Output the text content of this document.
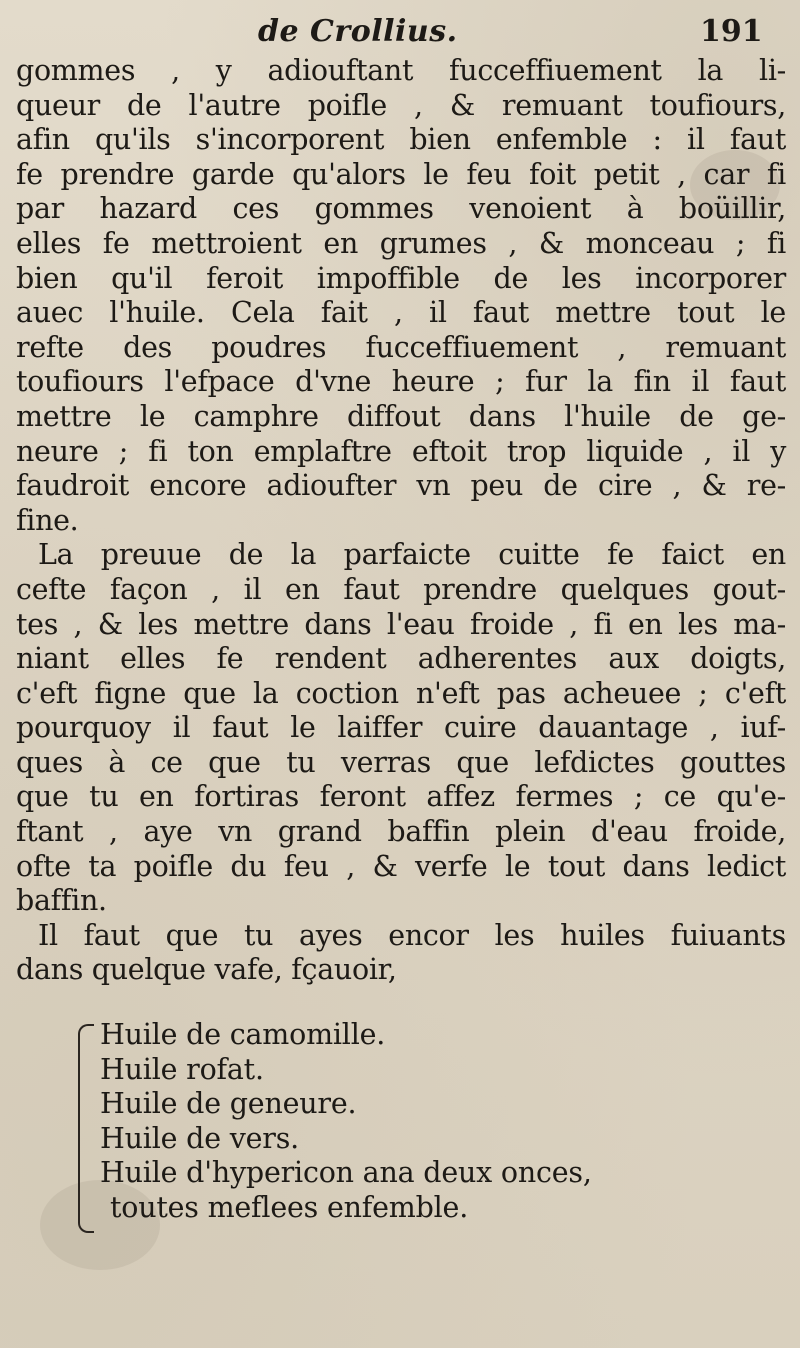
de Crollius.	191
gommes , y adiouftant fucceffiuement la li-
queur de l'autre poifle , & remuant toufiours,
afin qu'ils s'incorporent bien enfemble : il faut
fe prendre garde qu'alors le feu foit petit , car fi
par hazard ces gommes venoient à boüillir,
elles fe mettroient en grumes , & monceau ; fi
bien qu'il feroit impoffible de les incorporer
auec l'huile. Cela fait , il faut mettre tout le
refte des poudres fucceffiuement , remuant
toufiours l'efpace d'vne heure ; fur la fin il faut
mettre le camphre diffout dans l'huile de ge-
neure ; fi ton emplaftre eftoit trop liquide , il y
faudroit encore adioufter vn peu de cire , & re-
fine.
La preuue de la parfaicte cuitte fe faict en
cefte façon , il en faut prendre quelques gout-
tes , & les mettre dans l'eau froide , fi en les ma-
niant elles fe rendent adherentes aux doigts,
c'eft figne que la coction n'eft pas acheuee ; c'eft
pourquoy il faut le laiffer cuire dauantage , iuf-
ques à ce que tu verras que lefdictes gouttes
que tu en fortiras feront affez fermes ; ce qu'e-
ftant , aye vn grand baffin plein d'eau froide,
ofte ta poifle du feu , & verfe le tout dans ledict
baffin.
Il faut que tu ayes encor les huiles fuiuants
dans quelque vafe, fçauoir,
Huile de camomille.
Huile rofat.
Huile de geneure.
Huile de vers.
Huile d'hypericon ana deux onces,
toutes meflees enfemble.
